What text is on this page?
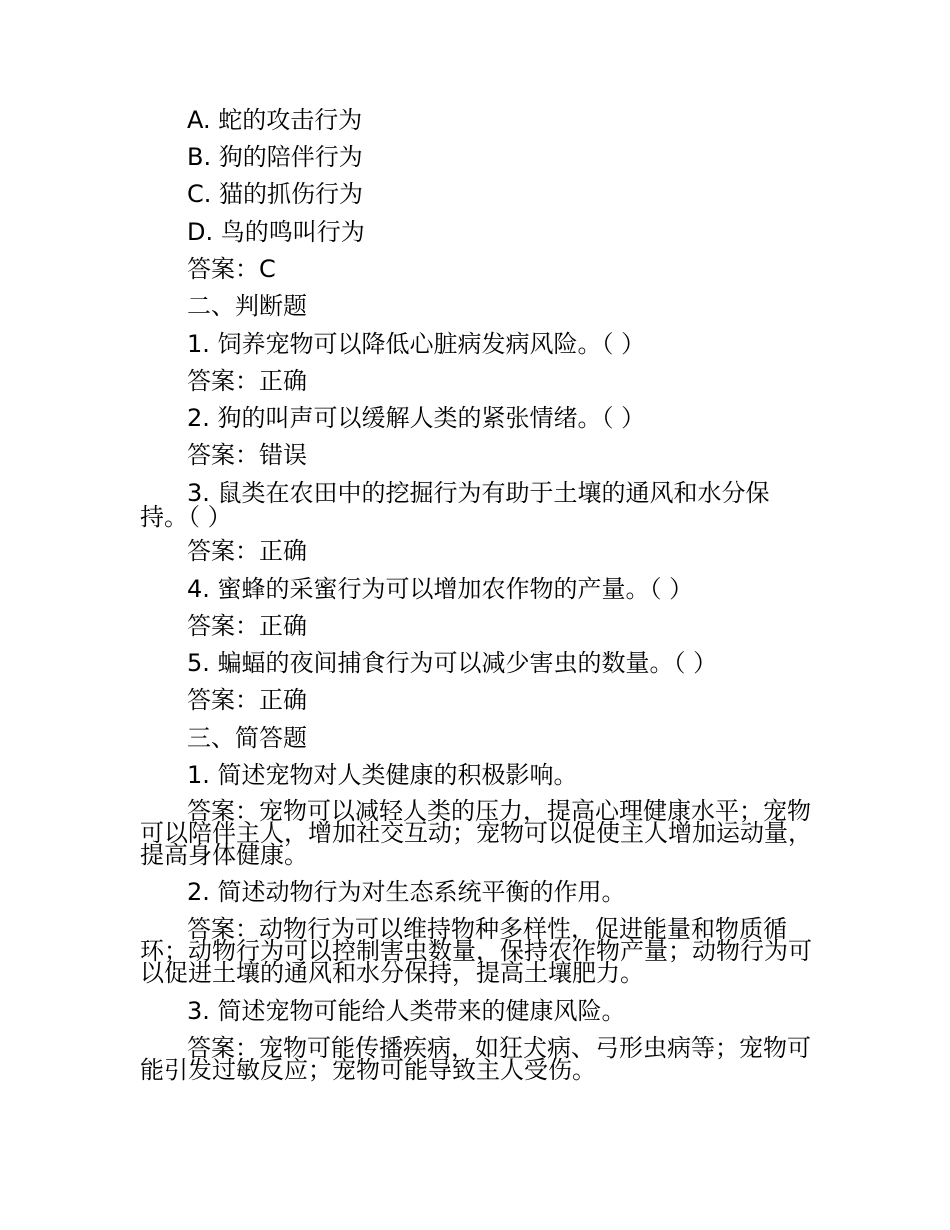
A. 蛇的攻击行为
B. 狗的陪伴行为
C. 猫的抓伤行为
D. 鸟的鸣叫行为
答案：C
二、判断题
1. 饲养宠物可以降低心脏病发病风险。（ ）
答案：正确
2. 狗的叫声可以缓解人类的紧张情绪。（ ）
答案：错误
3. 鼠类在农田中的挖掘行为有助于土壤的通风和水分保持。（ ）
答案：正确
4. 蜜蜂的采蜜行为可以增加农作物的产量。（ ）
答案：正确
5. 蝙蝠的夜间捕食行为可以减少害虫的数量。（ ）
答案：正确
三、简答题
1. 简述宠物对人类健康的积极影响。
答案：宠物可以减轻人类的压力，提高心理健康水平；宠物可以陪伴主人，增加社交互动；宠物可以促使主人增加运动量，提高身体健康。
2. 简述动物行为对生态系统平衡的作用。
答案：动物行为可以维持物种多样性，促进能量和物质循环；动物行为可以控制害虫数量，保持农作物产量；动物行为可以促进土壤的通风和水分保持，提高土壤肥力。
3. 简述宠物可能给人类带来的健康风险。
答案：宠物可能传播疾病，如狂犬病、弓形虫病等；宠物可能引发过敏反应；宠物可能导致主人受伤。
